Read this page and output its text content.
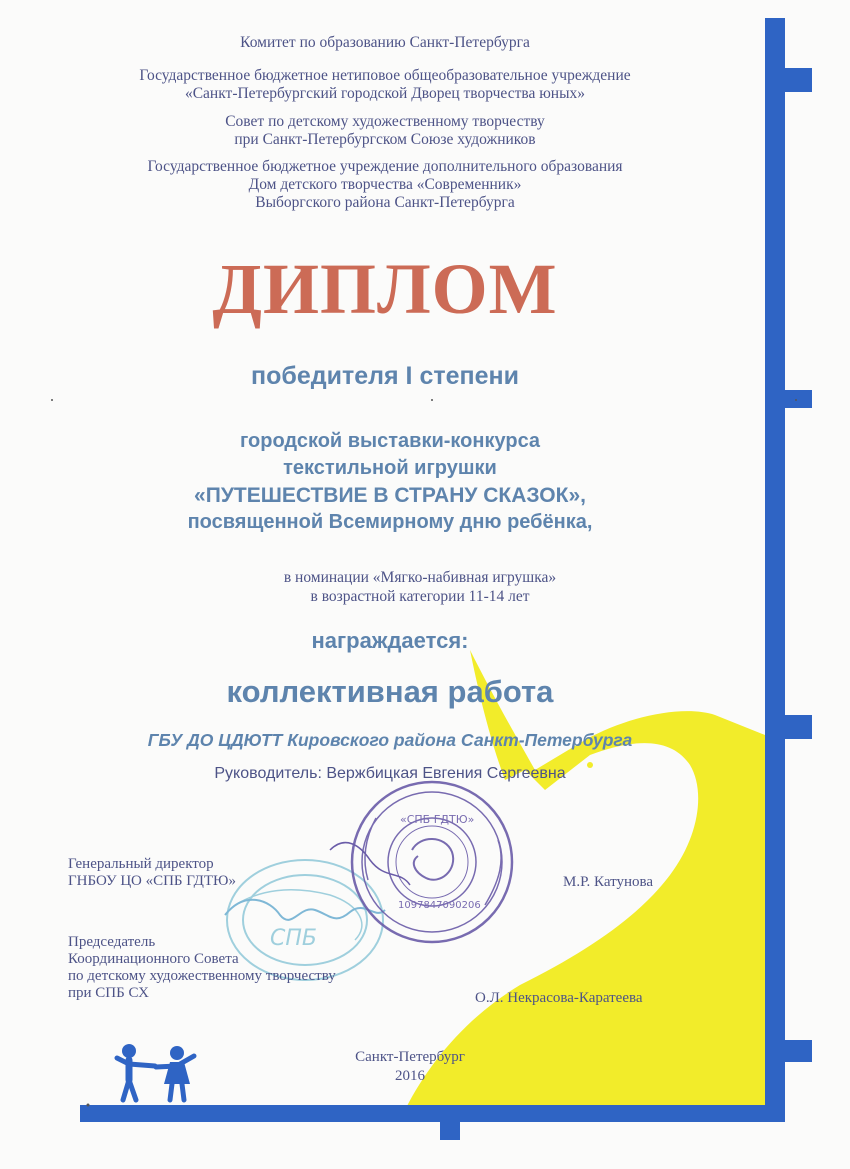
СПБ
«СПБ ГДТЮ»
1097847090206
Комитет по образованию Санкт-Петербурга
Государственное бюджетное нетиповое общеобразовательное учреждение
«Санкт-Петербургский городской Дворец творчества юных»
Совет по детскому художественному творчеству
при Санкт-Петербургском Союзе художников
Государственное бюджетное учреждение дополнительного образования
Дом детского творчества «Современник»
Выборгского района Санкт-Петербурга
ДИПЛОМ
победителя I степени
городской выставки-конкурса
текстильной игрушки
«ПУТЕШЕСТВИЕ В СТРАНУ СКАЗОК»,
посвященной Всемирному дню ребёнка,
в номинации «Мягко-набивная игрушка»
в возрастной категории 11-14 лет
награждается:
коллективная работа
ГБУ ДО ЦДЮТТ Кировского района Санкт-Петербурга
Руководитель: Вержбицкая Евгения Сергеевна
Генеральный директор
ГНБОУ ЦО «СПБ ГДТЮ»	М.Р. Катунова
Председатель
Координационного Совета
по детскому художественному творчеству
при СПБ СХ	О.Л. Некрасова-Каратеева
Санкт-Петербург
2016
